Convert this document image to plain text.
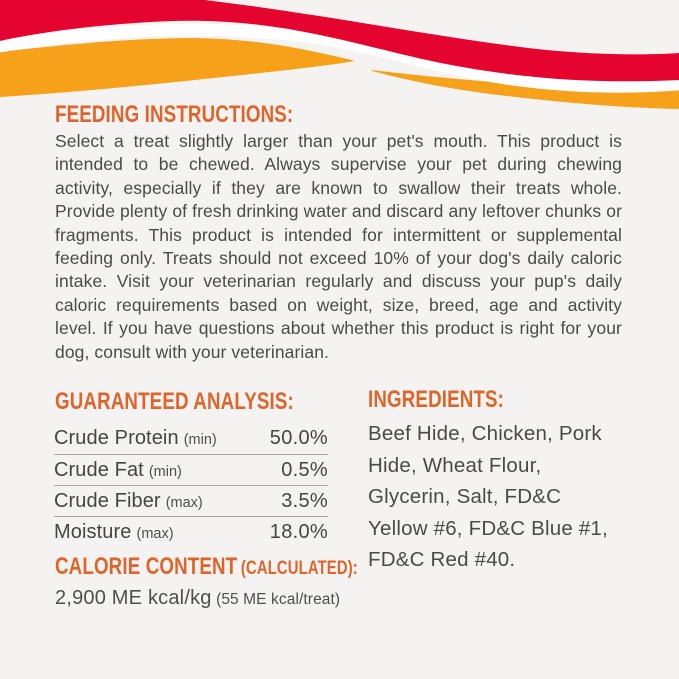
FEEDING INSTRUCTIONS:

Select a treat slightly larger than your pet's mouth. This product is intended to be chewed. Always supervise your pet during chewing activity, especially if they are known to swallow their treats whole. Provide plenty of fresh drinking water and discard any leftover chunks or fragments. This product is intended for intermittent or supplemental feeding only. Treats should not exceed 10% of your dog's daily caloric intake. Visit your veterinarian regularly and discuss your pup's daily caloric requirements based on weight, size, breed, age and activity level. If you have questions about whether this product is right for your dog, consult with your veterinarian.

GUARANTEED ANALYSIS:
Crude Protein (min)	50.0%
Crude Fat (min)	0.5%
Crude Fiber (max)	3.5%
Moisture (max)	18.0%
CALORIE CONTENT (CALCULATED):
2,900 ME kcal/kg (55 ME kcal/treat)
INGREDIENTS:

Beef Hide, Chicken, Pork Hide, Wheat Flour, Glycerin, Salt, FD&C Yellow #6, FD&C Blue #1, FD&C Red #40.
